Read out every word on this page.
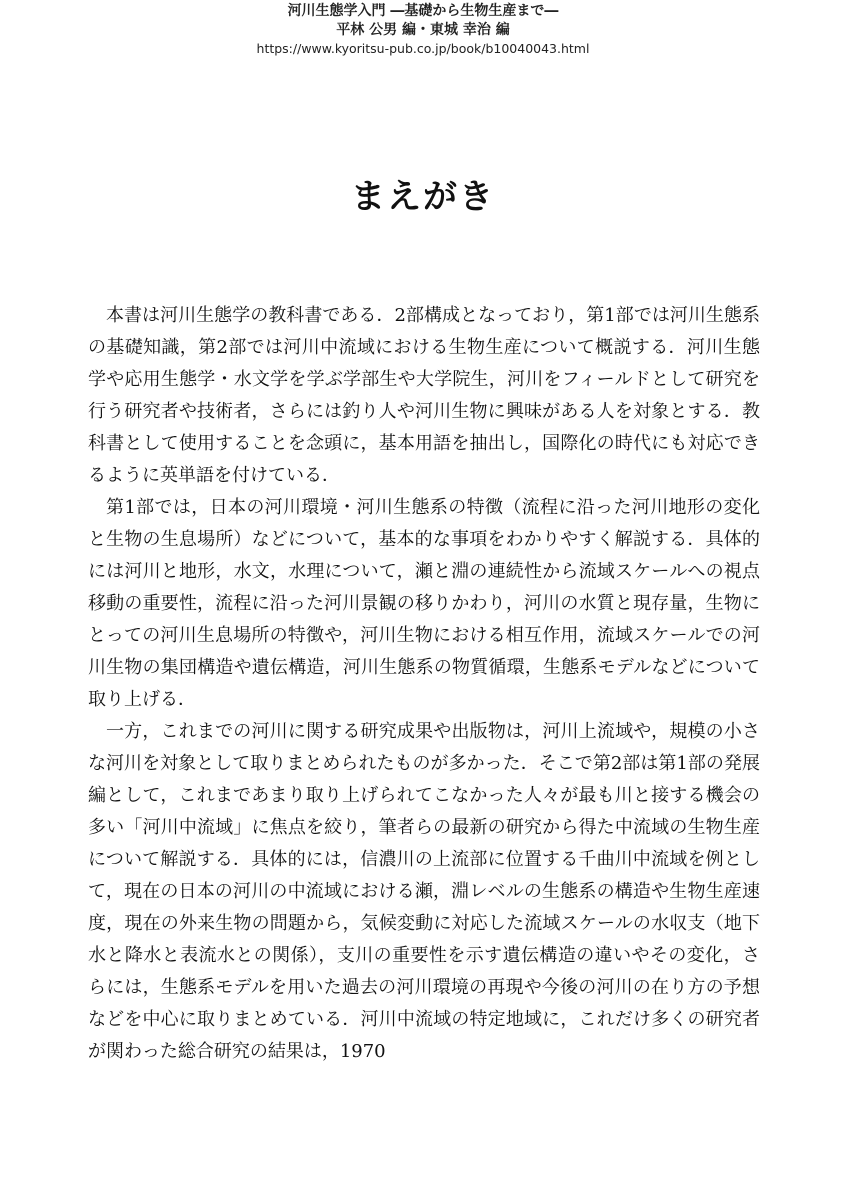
河川生態学入門 ―基礎から生物生産まで―
平林 公男 編・東城 幸治 編
https://www.kyoritsu-pub.co.jp/book/b10040043.html
まえがき

本書は河川生態学の教科書である．2部構成となっており，第1部では河川生態系の基礎知識，第2部では河川中流域における生物生産について概説する．河川生態学や応用生態学・水文学を学ぶ学部生や大学院生，河川をフィールドとして研究を行う研究者や技術者，さらには釣り人や河川生物に興味がある人を対象とする．教科書として使用することを念頭に，基本用語を抽出し，国際化の時代にも対応できるように英単語を付けている．

第1部では，日本の河川環境・河川生態系の特徴（流程に沿った河川地形の変化と生物の生息場所）などについて，基本的な事項をわかりやすく解説する．具体的には河川と地形，水文，水理について，瀬と淵の連続性から流域スケールへの視点移動の重要性，流程に沿った河川景観の移りかわり，河川の水質と現存量，生物にとっての河川生息場所の特徴や，河川生物における相互作用，流域スケールでの河川生物の集団構造や遺伝構造，河川生態系の物質循環，生態系モデルなどについて取り上げる．

一方，これまでの河川に関する研究成果や出版物は，河川上流域や，規模の小さな河川を対象として取りまとめられたものが多かった．そこで第2部は第1部の発展編として，これまであまり取り上げられてこなかった人々が最も川と接する機会の多い「河川中流域」に焦点を絞り，筆者らの最新の研究から得た中流域の生物生産について解説する．具体的には，信濃川の上流部に位置する千曲川中流域を例として，現在の日本の河川の中流域における瀬，淵レベルの生態系の構造や生物生産速度，現在の外来生物の問題から，気候変動に対応した流域スケールの水収支（地下水と降水と表流水との関係），支川の重要性を示す遺伝構造の違いやその変化，さらには，生態系モデルを用いた過去の河川環境の再現や今後の河川の在り方の予想などを中心に取りまとめている．河川中流域の特定地域に，これだけ多くの研究者が関わった総合研究の結果は，1970
